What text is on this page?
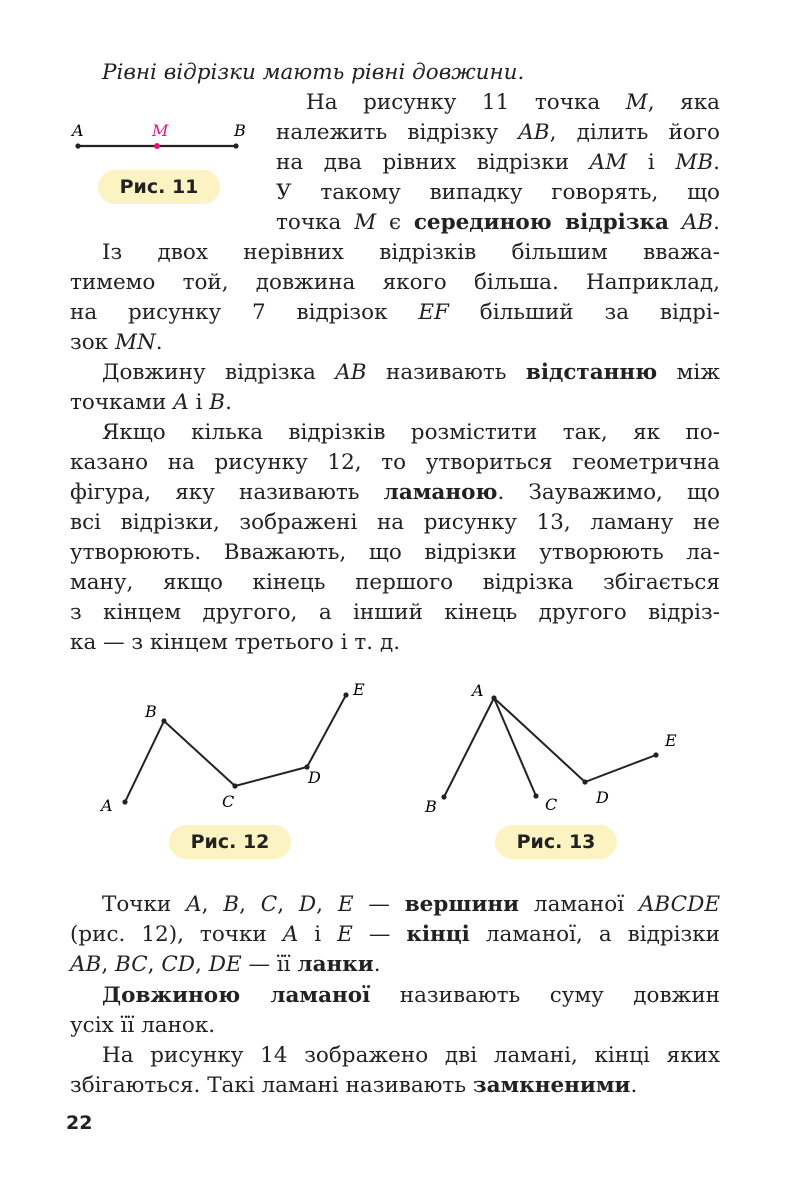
Рівні відрізки мають рівні довжини.
A	M	B
Рис. 11
На рисунку 11 точка M, яка
належить відрізку AB, ділить його
на два рівних відрізки AM і MB.
У такому випадку говорять, що
точка M є серединою відрізка AB.
Із двох нерівних відрізків більшим вважа-
тимемо той, довжина якого більша. Наприклад,
на рисунку 7 відрізок EF більший за відрі-
зок MN.
Довжину відрізка AB називають відстанню між
точками A і B.
Якщо кілька відрізків розмістити так, як по-
казано на рисунку 12, то утвориться геометрична
фігура, яку називають ламаною. Зауважимо, що
всі відрізки, зображені на рисунку 13, ламану не
утворюють. Вважають, що відрізки утворюють ла-
ману, якщо кінець першого відрізка збігається
з кінцем другого, а інший кінець другого відріз-
ка — з кінцем третього і т. д.
A
B
C
D
E
Рис. 12
A
B	C D
E
Рис. 13
Точки A, B, C, D, E — вершини ламаної ABCDE
(рис. 12), точки A і E — кінці ламаної, а відрізки
AB, BC, CD, DE — її ланки.
Довжиною ламаної називають суму довжин
усіх її ланок.
На рисунку 14 зображено дві ламані, кінці яких
збігаються. Такі ламані називають замкненими.
22
